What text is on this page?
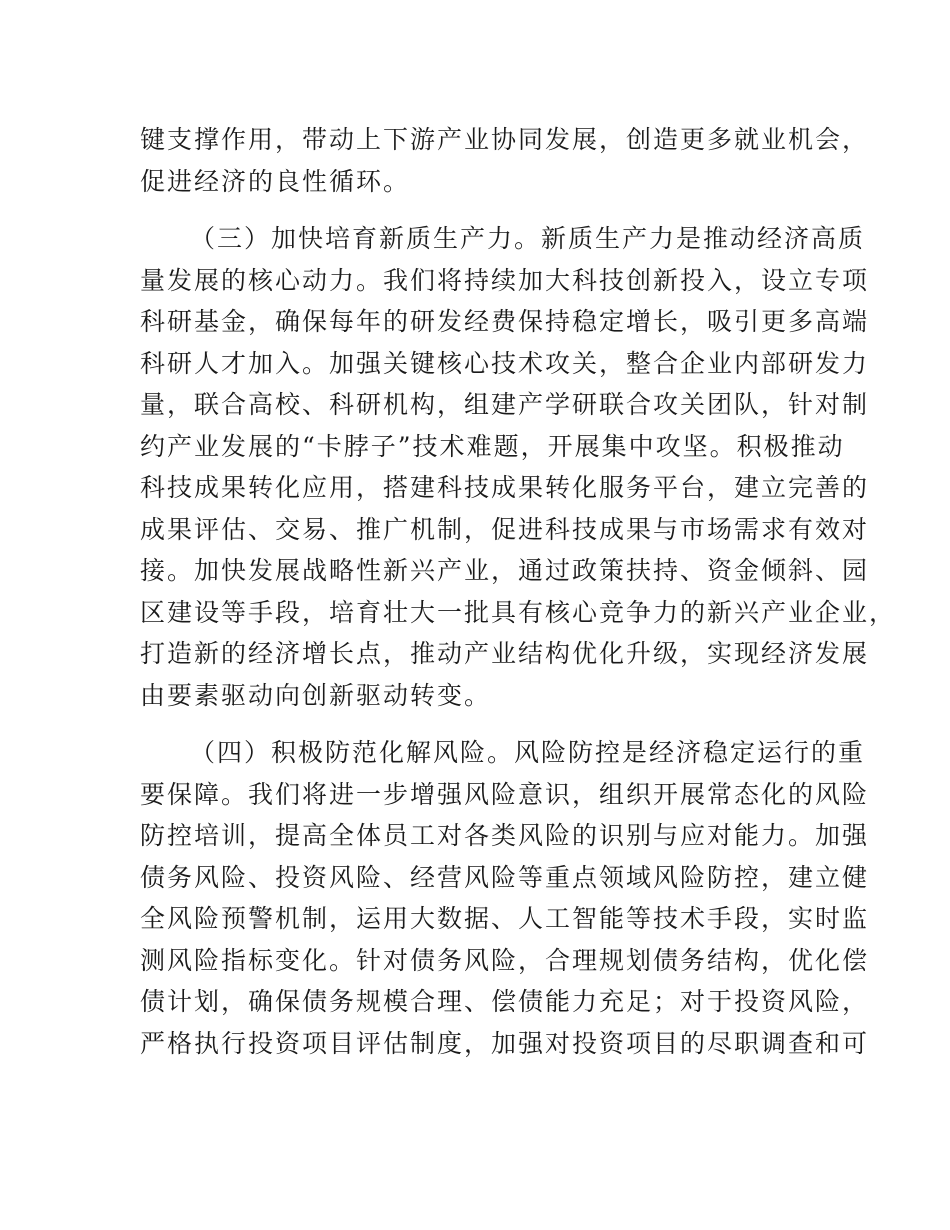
键支撑作用，带动上下游产业协同发展，创造更多就业机会，
促进经济的良性循环。
（三）加快培育新质生产力。新质生产力是推动经济高质
量发展的核心动力。我们将持续加大科技创新投入，设立专项
科研基金，确保每年的研发经费保持稳定增长，吸引更多高端
科研人才加入。加强关键核心技术攻关，整合企业内部研发力
量，联合高校、科研机构，组建产学研联合攻关团队，针对制
约产业发展的“卡脖子”技术难题，开展集中攻坚。积极推动
科技成果转化应用，搭建科技成果转化服务平台，建立完善的
成果评估、交易、推广机制，促进科技成果与市场需求有效对
接。加快发展战略性新兴产业，通过政策扶持、资金倾斜、园
区建设等手段，培育壮大一批具有核心竞争力的新兴产业企业，
打造新的经济增长点，推动产业结构优化升级，实现经济发展
由要素驱动向创新驱动转变。
（四）积极防范化解风险。风险防控是经济稳定运行的重
要保障。我们将进一步增强风险意识，组织开展常态化的风险
防控培训，提高全体员工对各类风险的识别与应对能力。加强
债务风险、投资风险、经营风险等重点领域风险防控，建立健
全风险预警机制，运用大数据、人工智能等技术手段，实时监
测风险指标变化。针对债务风险，合理规划债务结构，优化偿
债计划，确保债务规模合理、偿债能力充足；对于投资风险，
严格执行投资项目评估制度，加强对投资项目的尽职调查和可
